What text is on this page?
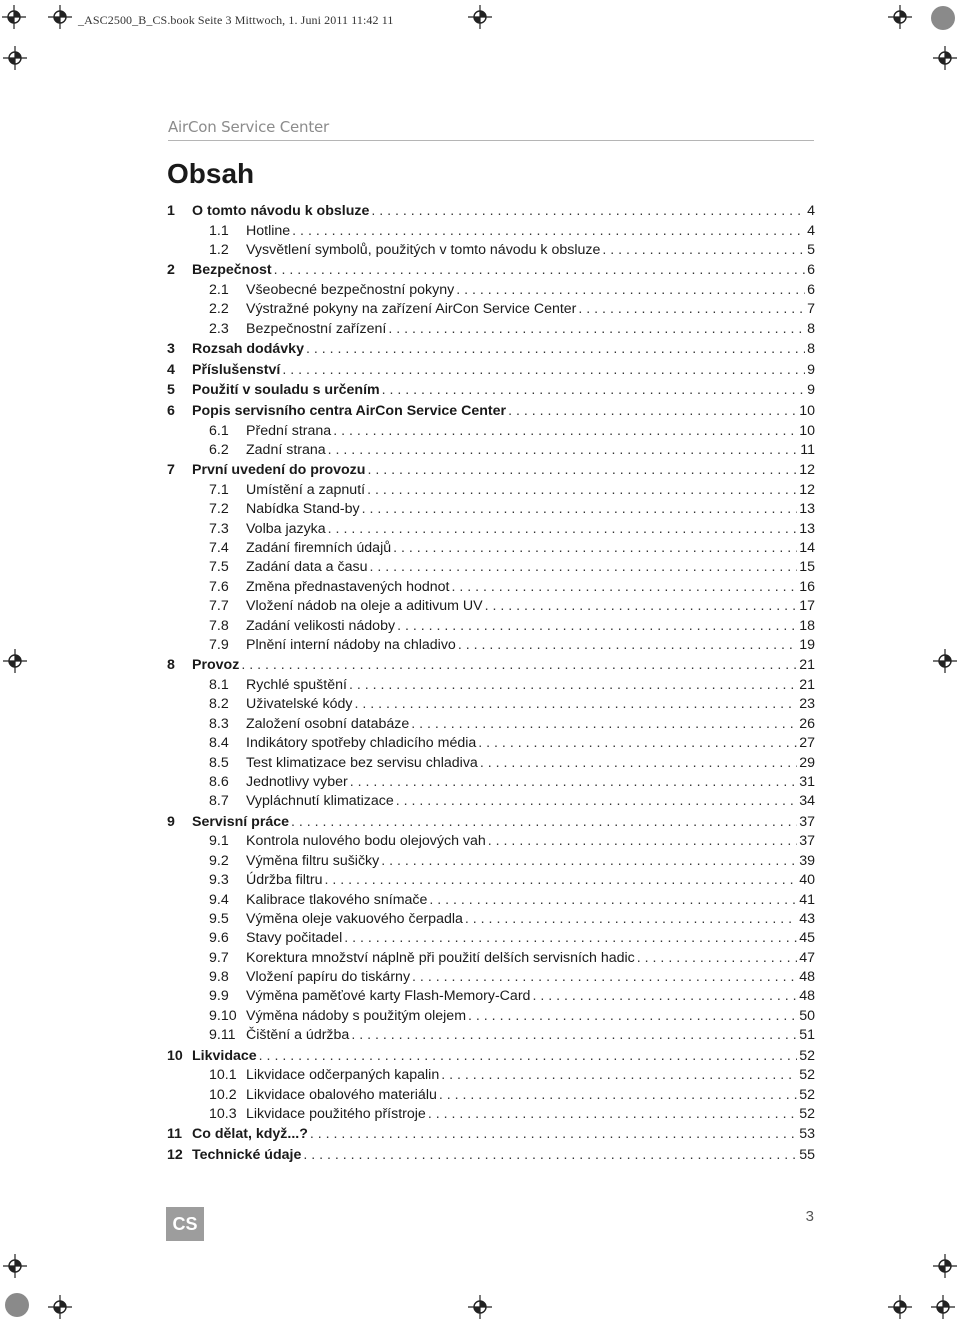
_ASC2500_B_CS.book Seite 3 Mittwoch, 1. Juni 2011 11:42 11
AirCon Service Center
Obsah
1	O tomto návodu k obsluze . . .	4
1.1	Hotline . . .	4
1.2	Vysvětlení symbolů, použitých v tomto návodu k obsluze . . .	5
2	Bezpečnost . . .	6
2.1	Všeobecné bezpečnostní pokyny . . .	6
2.2	Výstražné pokyny na zařízení AirCon Service Center . . .	7
2.3	Bezpečnostní zařízení . . .	8
3	Rozsah dodávky . . .	8
4	Příslušenství . . .	9
5	Použití v souladu s určením . . .	9
6	Popis servisního centra AirCon Service Center . . .	10
6.1	Přední strana . . .	10
6.2	Zadní strana . . .	11
7	První uvedení do provozu . . .	12
7.1	Umístění a zapnutí . . .	12
7.2	Nabídka Stand-by . . .	13
7.3	Volba jazyka . . .	13
7.4	Zadání firemních údajů . . .	14
7.5	Zadání data a času . . .	15
7.6	Změna přednastavených hodnot . . .	16
7.7	Vložení nádob na oleje a aditivum UV . . .	17
7.8	Zadání velikosti nádoby . . .	18
7.9	Plnění interní nádoby na chladivo . . .	19
8	Provoz . . .	21
8.1	Rychlé spuštění . . .	21
8.2	Uživatelské kódy . . .	23
8.3	Založení osobní databáze . . .	26
8.4	Indikátory spotřeby chladicího média . . .	27
8.5	Test klimatizace bez servisu chladiva . . .	29
8.6	Jednotlivy vyber . . .	31
8.7	Vypláchnutí klimatizace . . .	34
9	Servisní práce . . .	37
9.1	Kontrola nulového bodu olejových vah . . .	37
9.2	Výměna filtru sušičky . . .	39
9.3	Údržba filtru . . .	40
9.4	Kalibrace tlakového snímače . . .	41
9.5	Výměna oleje vakuového čerpadla . . .	43
9.6	Stavy počitadel . . .	45
9.7	Korektura množství náplně při použití delších servisních hadic . . .	47
9.8	Vložení papíru do tiskárny . . .	48
9.9	Výměna paměťové karty Flash-Memory-Card . . .	48
9.10 Výměna nádoby s použitým olejem . . .	50
9.11 Čištění a údržba . . .	51
10 Likvidace . . .	52
10.1 Likvidace odčerpaných kapalin . . .	52
10.2 Likvidace obalového materiálu . . .	52
10.3 Likvidace použitého přístroje . . .	52
11 Co dělat, když...? . . .	53
12 Technické údaje . . .	55
CS	3
